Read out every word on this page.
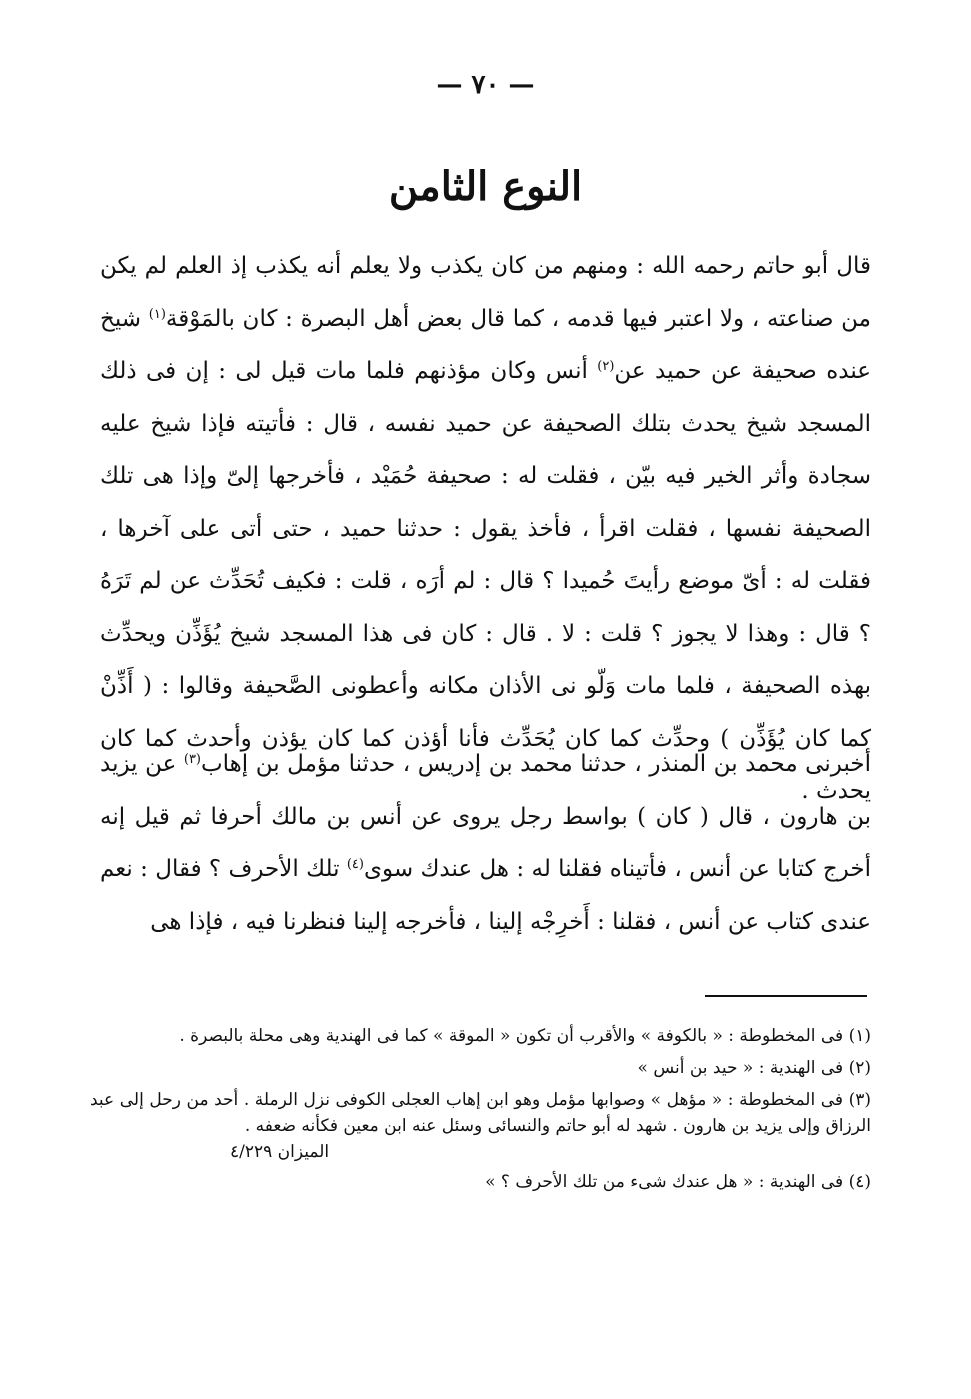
— ٧٠ —
النوع الثامن

قال أبو حاتم رحمه الله : ومنهم من كان يكذب ولا يعلم أنه يكذب إذ العلم لم يكن من صناعته ، ولا اعتبر فيها قدمه ، كما قال بعض أهل البصرة : كان بالمَوْقة$^{(١)}$ شيخ عنده صحيفة عن حميد عن$^{(٢)}$ أنس وكان مؤذنهم فلما مات قيل لى : إن فى ذلك المسجد شيخ يحدث بتلك الصحيفة عن حميد نفسه ، قال : فأتيته فإذا شيخ عليه سجادة وأثر الخير فيه بيّن ، فقلت له : صحيفة حُمَيْد ، فأخرجها إلىّ وإذا هى تلك الصحيفة نفسها ، فقلت اقرأ ، فأخذ يقول : حدثنا حميد ، حتى أتى على آخرها ، فقلت له : أىّ موضع رأيتَ حُميدا ؟ قال : لم أرَه ، قلت : فكيف تُحَدِّث عن لم تَرَهُ ؟ قال : وهذا لا يجوز ؟ قلت : لا . قال : كان فى هذا المسجد شيخ يُؤَذِّن ويحدِّث بهذه الصحيفة ، فلما مات وَلّو نى الأذان مكانه وأعطونى الصَّحيفة وقالوا : ( أَذِّنْ كما كان يُؤَذِّن ) وحدِّث كما كان يُحَدِّث فأنا أؤذن كما كان يؤذن وأحدث كما كان يحدث .

أخبرنى محمد بن المنذر ، حدثنا محمد بن إدريس ، حدثنا مؤمل بن إهاب$^{(٣)}$ عن يزيد بن هارون ، قال ( كان ) بواسط رجل يروى عن أنس بن مالك أحرفا ثم قيل إنه أخرج كتابا عن أنس ، فأتيناه فقلنا له : هل عندك سوى$^{(٤)}$ تلك الأحرف ؟ فقال : نعم عندى كتاب عن أنس ، فقلنا : أَخرِجْه إلينا ، فأخرجه إلينا فنظرنا فيه ، فإذا هى

(١) فى المخطوطة : « بالكوفة » والأقرب أن تكون « الموقة » كما فى الهندية وهى محلة بالبصرة .

(٢) فى الهندية : « حيد بن أنس »

(٣) فى المخطوطة : « مؤهل » وصوابها مؤمل وهو ابن إهاب العجلى الكوفى نزل الرملة . أحد من رحل إلى عبد الرزاق وإلى يزيد بن هارون . شهد له أبو حاتم والنسائى وسئل عنه ابن معين فكأنه ضعفه .

الميزان ٤/٢٢٩

(٤) فى الهندية : « هل عندك شىء من تلك الأحرف ؟ »
